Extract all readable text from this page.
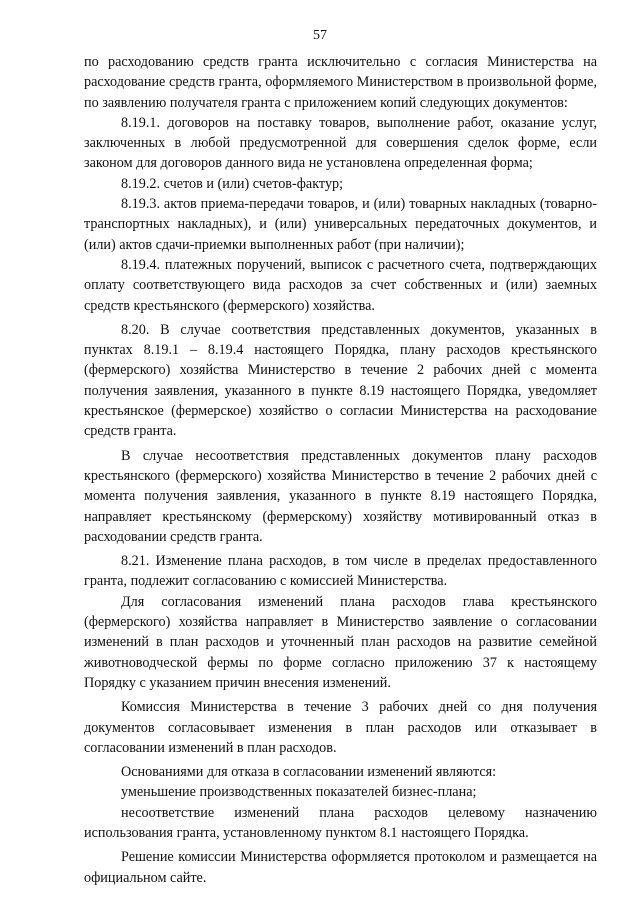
57

по расходованию средств гранта исключительно с согласия Министерства на расходование средств гранта, оформляемого Министерством в произвольной форме, по заявлению получателя гранта с приложением копий следующих документов:

8.19.1. договоров на поставку товаров, выполнение работ, оказание услуг, заключенных в любой предусмотренной для совершения сделок форме, если законом для договоров данного вида не установлена определенная форма;

8.19.2. счетов и (или) счетов-фактур;

8.19.3. актов приема-передачи товаров, и (или) товарных накладных (товарно-транспортных накладных), и (или) универсальных передаточных документов, и (или) актов сдачи-приемки выполненных работ (при наличии);

8.19.4. платежных поручений, выписок с расчетного счета, подтверждающих оплату соответствующего вида расходов за счет собственных и (или) заемных средств крестьянского (фермерского) хозяйства.

8.20. В случае соответствия представленных документов, указанных в пунктах 8.19.1 – 8.19.4 настоящего Порядка, плану расходов крестьянского (фермерского) хозяйства Министерство в течение 2 рабочих дней с момента получения заявления, указанного в пункте 8.19 настоящего Порядка, уведомляет крестьянское (фермерское) хозяйство о согласии Министерства на расходование средств гранта.

В случае несоответствия представленных документов плану расходов крестьянского (фермерского) хозяйства Министерство в течение 2 рабочих дней с момента получения заявления, указанного в пункте 8.19 настоящего Порядка, направляет крестьянскому (фермерскому) хозяйству мотивированный отказ в расходовании средств гранта.

8.21. Изменение плана расходов, в том числе в пределах предоставленного гранта, подлежит согласованию с комиссией Министерства.

Для согласования изменений плана расходов глава крестьянского (фермерского) хозяйства направляет в Министерство заявление о согласовании изменений в план расходов и уточненный план расходов на развитие семейной животноводческой фермы по форме согласно приложению 37 к настоящему Порядку с указанием причин внесения изменений.

Комиссия Министерства в течение 3 рабочих дней со дня получения документов согласовывает изменения в план расходов или отказывает в согласовании изменений в план расходов.

Основаниями для отказа в согласовании изменений являются:

уменьшение производственных показателей бизнес-плана;

несоответствие изменений плана расходов целевому назначению использования гранта, установленному пунктом 8.1 настоящего Порядка.

Решение комиссии Министерства оформляется протоколом и размещается на официальном сайте.
